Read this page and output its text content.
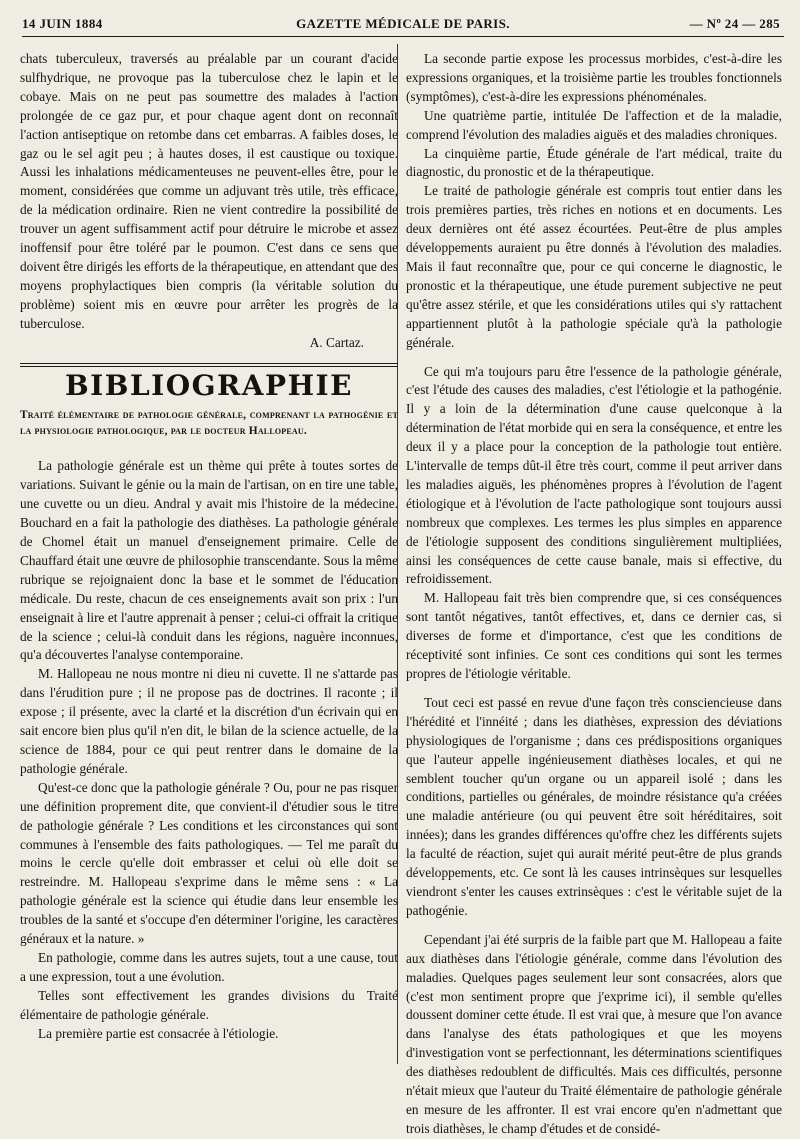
14 JUIN 1884	GAZETTE MÉDICALE DE PARIS.	— Nº 24 — 285

chats tuberculeux, traversés au préalable par un courant d'acide sulfhydrique, ne provoque pas la tuberculose chez le lapin et le cobaye. Mais on ne peut pas soumettre des malades à l'action prolongée de ce gaz pur, et pour chaque agent dont on reconnaît l'action antiseptique on retombe dans cet embarras. A faibles doses, le gaz ou le sel agit peu ; à hautes doses, il est caustique ou toxique. Aussi les inhalations médicamenteuses ne peuvent-elles être, pour le moment, considérées que comme un adjuvant très utile, très efficace, de la médication ordinaire. Rien ne vient contredire la possibilité de trouver un agent suffisamment actif pour détruire le microbe et assez inoffensif pour être toléré par le poumon. C'est dans ce sens que doivent être dirigés les efforts de la thérapeutique, en attendant que des moyens prophylactiques bien compris (la véritable solution du problème) soient mis en œuvre pour arrêter les progrès de la tuberculose.

A. Cartaz.

BIBLIOGRAPHIE
Traité élémentaire de pathologie générale, comprenant la pathogénie et la physiologie pathologique, par le docteur Hallopeau.

La pathologie générale est un thème qui prête à toutes sortes de variations. Suivant le génie ou la main de l'artisan, on en tire une table, une cuvette ou un dieu. Andral y avait mis l'histoire de la médecine. Bouchard en a fait la pathologie des diathèses. La pathologie générale de Chomel était un manuel d'enseignement primaire. Celle de Chauffard était une œuvre de philosophie transcendante. Sous la même rubrique se rejoignaient donc la base et le sommet de l'éducation médicale. Du reste, chacun de ces enseignements avait son prix : l'un enseignait à lire et l'autre apprenait à penser ; celui-ci offrait la critique de la science ; celui-là conduit dans les régions, naguère inconnues, qu'a découvertes l'analyse contemporaine.

M. Hallopeau ne nous montre ni dieu ni cuvette. Il ne s'attarde pas dans l'érudition pure ; il ne propose pas de doctrines. Il raconte ; il expose ; il présente, avec la clarté et la discrétion d'un écrivain qui en sait encore bien plus qu'il n'en dit, le bilan de la science actuelle, de la science de 1884, pour ce qui peut rentrer dans le domaine de la pathologie générale.

Qu'est-ce donc que la pathologie générale ? Ou, pour ne pas risquer une définition proprement dite, que convient-il d'étudier sous le titre de pathologie générale ? Les conditions et les circonstances qui sont communes à l'ensemble des faits pathologiques. — Tel me paraît du moins le cercle qu'elle doit embrasser et celui où elle doit se restreindre. M. Hallopeau s'exprime dans le même sens : « La pathologie générale est la science qui étudie dans leur ensemble les troubles de la santé et s'occupe d'en déterminer l'origine, les caractères généraux et la nature. »

En pathologie, comme dans les autres sujets, tout a une cause, tout a une expression, tout a une évolution.

Telles sont effectivement les grandes divisions du Traité élémentaire de pathologie générale.

La première partie est consacrée à l'étiologie.

La seconde partie expose les processus morbides, c'est-à-dire les expressions organiques, et la troisième partie les troubles fonctionnels (symptômes), c'est-à-dire les expressions phénoménales.

Une quatrième partie, intitulée De l'affection et de la maladie, comprend l'évolution des maladies aiguës et des maladies chroniques.

La cinquième partie, Étude générale de l'art médical, traite du diagnostic, du pronostic et de la thérapeutique.

Le traité de pathologie générale est compris tout entier dans les trois premières parties, très riches en notions et en documents. Les deux dernières ont été assez écourtées. Peut-être de plus amples développements auraient pu être donnés à l'évolution des maladies. Mais il faut reconnaître que, pour ce qui concerne le diagnostic, le pronostic et la thérapeutique, une étude purement subjective ne peut qu'être assez stérile, et que les considérations utiles qui s'y rattachent appartiennent plutôt à la pathologie spéciale qu'à la pathologie générale.

Ce qui m'a toujours paru être l'essence de la pathologie générale, c'est l'étude des causes des maladies, c'est l'étiologie et la pathogénie. Il y a loin de la détermination d'une cause quelconque à la détermination de l'état morbide qui en sera la conséquence, et entre les deux il y a place pour la conception de la pathologie tout entière. L'intervalle de temps dût-il être très court, comme il peut arriver dans les maladies aiguës, les phénomènes propres à l'évolution de l'agent étiologique et à l'évolution de l'acte pathologique sont toujours aussi nombreux que complexes. Les termes les plus simples en apparence de l'étiologie supposent des conditions singulièrement multipliées, ainsi les conséquences de cette cause banale, mais si effective, du refroidissement.

M. Hallopeau fait très bien comprendre que, si ces conséquences sont tantôt négatives, tantôt effectives, et, dans ce dernier cas, si diverses de forme et d'importance, c'est que les conditions de réceptivité sont infinies. Ce sont ces conditions qui sont les termes propres de l'étiologie véritable.

Tout ceci est passé en revue d'une façon très consciencieuse dans l'hérédité et l'innéité ; dans les diathèses, expression des déviations physiologiques de l'organisme ; dans ces prédispositions organiques que l'auteur appelle ingénieusement diathèses locales, et qui ne semblent toucher qu'un organe ou un appareil isolé ; dans les conditions, partielles ou générales, de moindre résistance qu'a créées une maladie antérieure (ou qui peuvent être soit héréditaires, soit innées); dans les grandes différences qu'offre chez les différents sujets la faculté de réaction, sujet qui aurait mérité peut-être de plus grands développements, etc. Ce sont là les causes intrinsèques sur lesquelles viendront s'enter les causes extrinsèques : c'est le véritable sujet de la pathogénie.

Cependant j'ai été surpris de la faible part que M. Hallopeau a faite aux diathèses dans l'étiologie générale, comme dans l'évolution des maladies. Quelques pages seulement leur sont consacrées, alors que (c'est mon sentiment propre que j'exprime ici), il semble qu'elles doussent dominer cette étude. Il est vrai que, à mesure que l'on avance dans l'analyse des états pathologiques et que les moyens d'investigation vont se perfectionnant, les déterminations scientifiques des diathèses redoublent de difficultés. Mais ces difficultés, personne n'était mieux que l'auteur du Traité élémentaire de pathologie générale en mesure de les affronter. Il est vrai encore qu'en n'admettant que trois diathèses, le champ d'études et de considé-
